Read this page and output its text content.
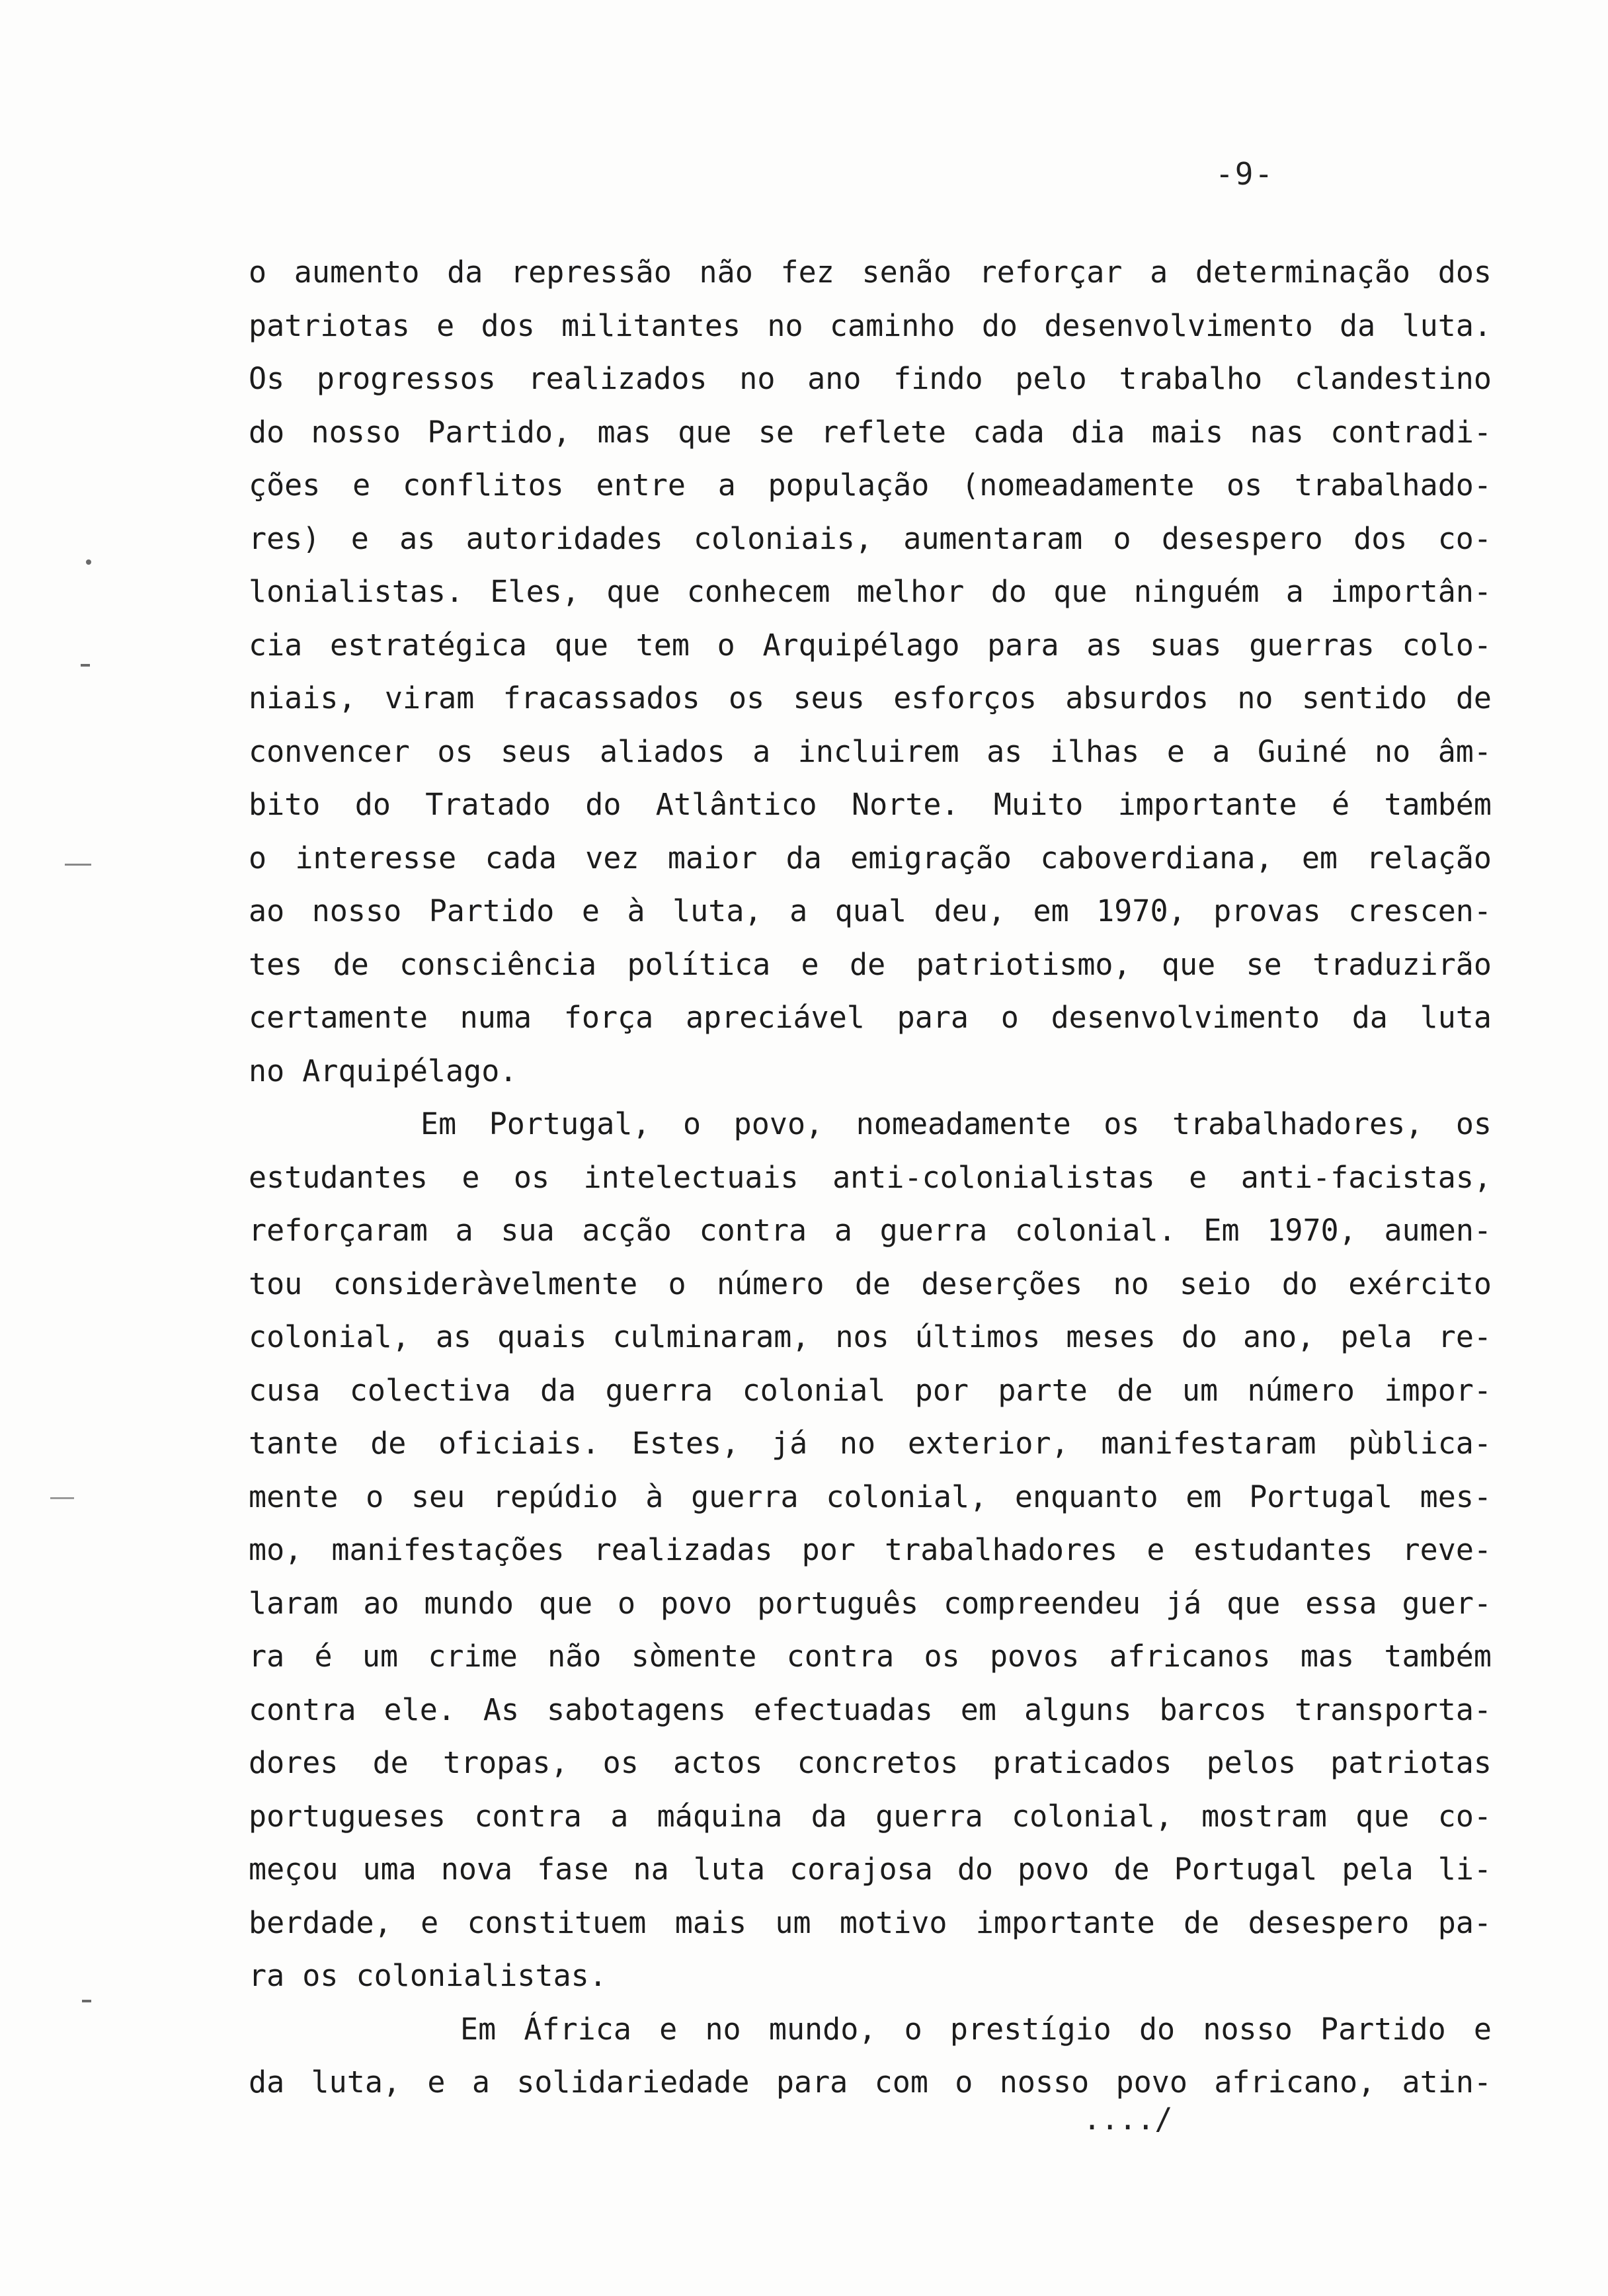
-9-
o aumento da repressão não fez senão reforçar a determinação dos
patriotas e dos militantes no caminho do desenvolvimento da luta.
Os progressos realizados no ano findo pelo trabalho clandestino
do nosso Partido, mas que se reflete cada dia mais nas contradi-
ções e conflitos entre a população (nomeadamente os trabalhado-
res) e as autoridades coloniais, aumentaram o desespero dos co-
lonialistas. Eles, que conhecem melhor do que ninguém a importân-
cia estratégica que tem o Arquipélago para as suas guerras colo-
niais, viram fracassados os seus esforços absurdos no sentido de
convencer os seus aliados a incluirem as ilhas e a Guiné no âm-
bito do Tratado do Atlântico Norte. Muito importante é também
o interesse cada vez maior da emigração caboverdiana, em relação
ao nosso Partido e à luta, a qual deu, em 1970, provas crescen-
tes de consciência política e de patriotismo, que se traduzirão
certamente numa força apreciável para o desenvolvimento da luta
no Arquipélago.
Em Portugal, o povo, nomeadamente os trabalhadores, os
estudantes e os intelectuais anti-colonialistas e anti-facistas,
reforçaram a sua acção contra a guerra colonial. Em 1970, aumen-
tou consideràvelmente o número de deserções no seio do exército
colonial, as quais culminaram, nos últimos meses do ano, pela re-
cusa colectiva da guerra colonial por parte de um número impor-
tante de oficiais. Estes, já no exterior, manifestaram pùblica-
mente o seu repúdio à guerra colonial, enquanto em Portugal mes-
mo, manifestações realizadas por trabalhadores e estudantes reve-
laram ao mundo que o povo português compreendeu já que essa guer-
ra é um crime não sòmente contra os povos africanos mas também
contra ele. As sabotagens efectuadas em alguns barcos transporta-
dores de tropas, os actos concretos praticados pelos patriotas
portugueses contra a máquina da guerra colonial, mostram que co-
meçou uma nova fase na luta corajosa do povo de Portugal pela li-
berdade, e constituem mais um motivo importante de desespero pa-
ra os colonialistas.
Em África e no mundo, o prestígio do nosso Partido e
da luta, e a solidariedade para com o nosso povo africano, atin-
..../
